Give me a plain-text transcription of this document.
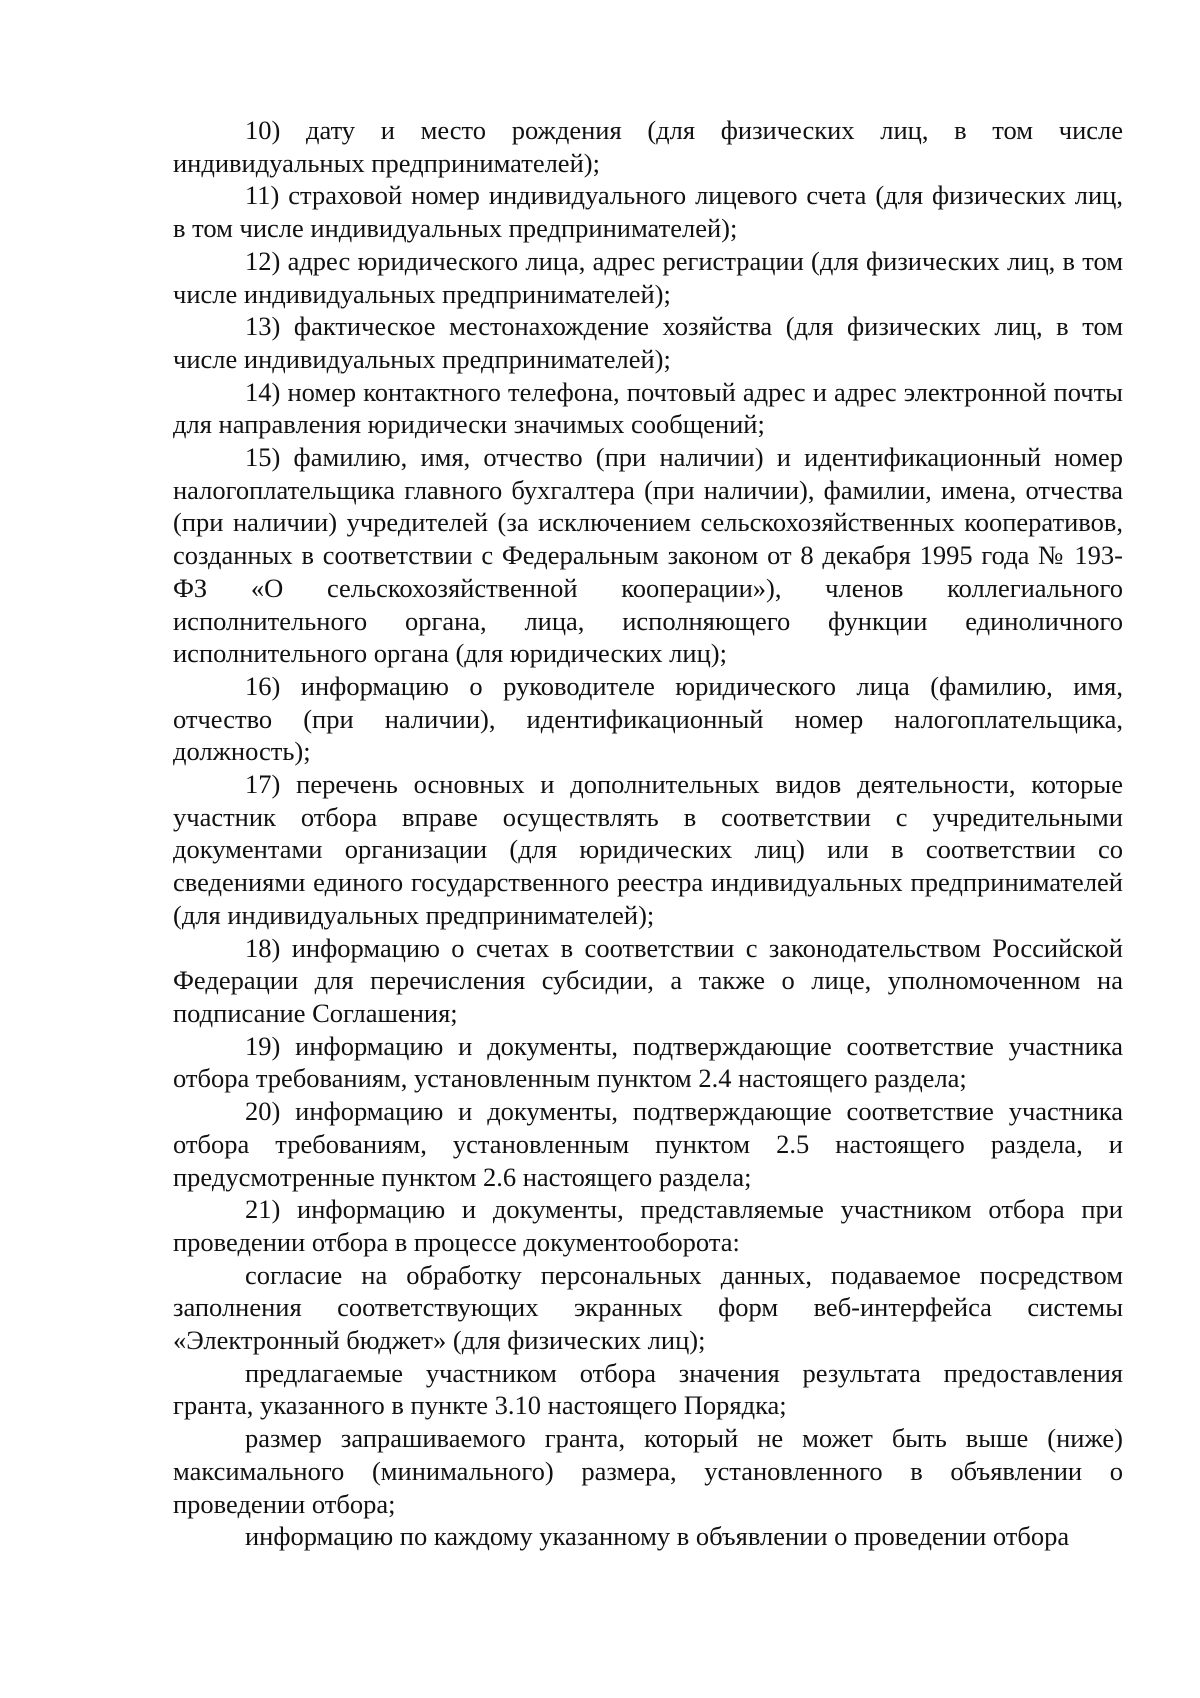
10) дату и место рождения (для физических лиц, в том числе индивидуальных предпринимателей);

11) страховой номер индивидуального лицевого счета (для физических лиц, в том числе индивидуальных предпринимателей);

12) адрес юридического лица, адрес регистрации (для физических лиц, в том числе индивидуальных предпринимателей);

13) фактическое местонахождение хозяйства (для физических лиц, в том числе индивидуальных предпринимателей);

14) номер контактного телефона, почтовый адрес и адрес электронной почты для направления юридически значимых сообщений;

15) фамилию, имя, отчество (при наличии) и идентификационный номер налогоплательщика главного бухгалтера (при наличии), фамилии, имена, отчества (при наличии) учредителей (за исключением сельскохозяйственных кооперативов, созданных в соответствии с Федеральным законом от 8 декабря 1995 года № 193-ФЗ «О сельскохозяйственной кооперации»), членов коллегиального исполнительного органа, лица, исполняющего функции единоличного исполнительного органа (для юридических лиц);

16) информацию о руководителе юридического лица (фамилию, имя, отчество (при наличии), идентификационный номер налогоплательщика, должность);

17) перечень основных и дополнительных видов деятельности, которые участник отбора вправе осуществлять в соответствии с учредительными документами организации (для юридических лиц) или в соответствии со сведениями единого государственного реестра индивидуальных предпринимателей (для индивидуальных предпринимателей);

18) информацию о счетах в соответствии с законодательством Российской Федерации для перечисления субсидии, а также о лице, уполномоченном на подписание Соглашения;

19) информацию и документы, подтверждающие соответствие участника отбора требованиям, установленным пунктом 2.4 настоящего раздела;

20) информацию и документы, подтверждающие соответствие участника отбора требованиям, установленным пунктом 2.5 настоящего раздела, и предусмотренные пунктом 2.6 настоящего раздела;

21) информацию и документы, представляемые участником отбора при проведении отбора в процессе документооборота:

согласие на обработку персональных данных, подаваемое посредством заполнения соответствующих экранных форм веб-интерфейса системы «Электронный бюджет» (для физических лиц);

предлагаемые участником отбора значения результата предоставления гранта, указанного в пункте 3.10 настоящего Порядка;

размер запрашиваемого гранта, который не может быть выше (ниже) максимального (минимального) размера, установленного в объявлении о проведении отбора;

информацию по каждому указанному в объявлении о проведении отбора
